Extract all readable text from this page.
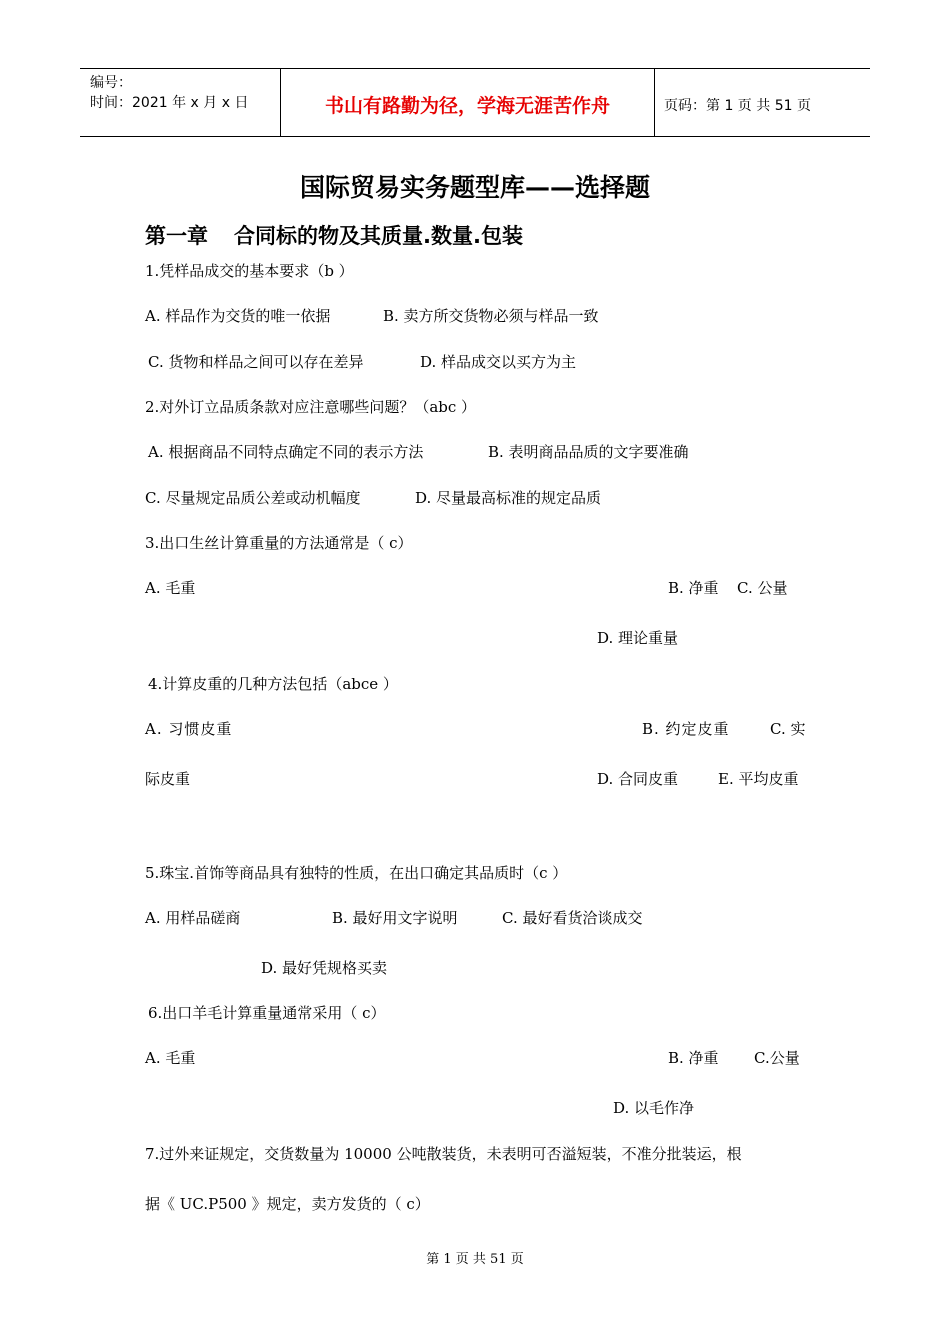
编号：
时间：2021 年 x 月 x 日	书山有路勤为径，学海无涯苦作舟	页码：第 1 页 共 51 页
国际贸易实务题型库——选择题
第一章 合同标的物及其质量.数量.包装
1.凭样品成交的基本要求（b ）
A. 样品作为交货的唯一依据	B. 卖方所交货物必须与样品一致
C. 货物和样品之间可以存在差异	D. 样品成交以买方为主
2.对外订立品质条款对应注意哪些问题？（abc ）
A. 根据商品不同特点确定不同的表示方法	B. 表明商品品质的文字要准确
C. 尽量规定品质公差或动机幅度	D. 尽量最高标准的规定品质
3.出口生丝计算重量的方法通常是（ c）
A. 毛重	B. 净重 C. 公量
D. 理论重量
4.计算皮重的几种方法包括（abce ）
A. 习惯皮重	B. 约定皮重	C. 实
际皮重	D. 合同皮重	E. 平均皮重
5.珠宝.首饰等商品具有独特的性质，在出口确定其品质时（c ）
A. 用样品磋商	B. 最好用文字说明	C. 最好看货洽谈成交
D. 最好凭规格买卖
6.出口羊毛计算重量通常采用（ c）
A. 毛重	B. 净重 C.公量
D. 以毛作净
7.过外来证规定，交货数量为 10000 公吨散装货，未表明可否溢短装，不准分批装运，根
据《 UC.P500 》规定，卖方发货的（ c）
第 1 页 共 51 页
